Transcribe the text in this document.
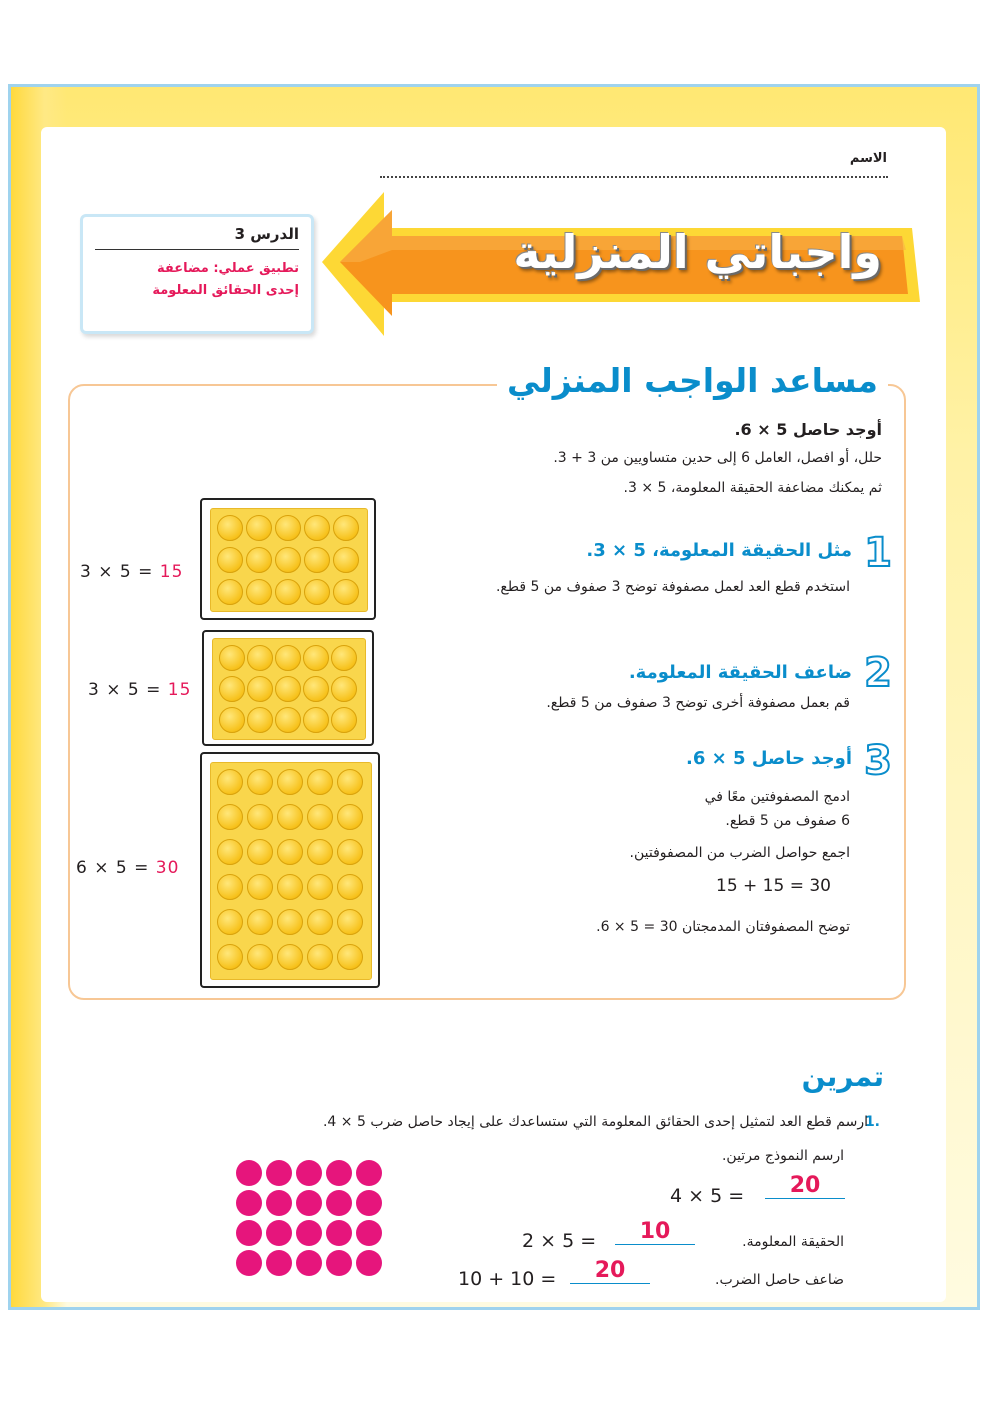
الاسم
واجباتي المنزلية
الدرس 3
تطبيق عملي: مضاعفة
إحدى الحقائق المعلومة
مساعد الواجب المنزلي
أوجد حاصل 5 × 6.
حلل، أو افصل، العامل 6 إلى حدين متساويين من 3 + 3.
ثم يمكنك مضاعفة الحقيقة المعلومة، 5 × 3.
1
مثل الحقيقة المعلومة، 5 × 3.
استخدم قطع العد لعمل مصفوفة توضح 3 صفوف من 5 قطع.
2
ضاعف الحقيقة المعلومة.
قم بعمل مصفوفة أخرى توضح 3 صفوف من 5 قطع.
3
أوجد حاصل 5 × 6.
ادمج المصفوفتين معًا في
6 صفوف من 5 قطع.
اجمع حواصل الضرب من المصفوفتين.
15 + 15 = 30
توضح المصفوفتان المدمجتان 30 = 5 × 6.
3 × 5 = 15
3 × 5 = 15
6 × 5 = 30
تمرين
1.
ارسم قطع العد لتمثيل إحدى الحقائق المعلومة التي ستساعدك على إيجاد حاصل ضرب 5 × 4.
ارسم النموذج مرتين.
4 × 5 =	20
الحقيقة المعلومة.
2 × 5 =	10
ضاعف حاصل الضرب.
10 + 10 =	20
